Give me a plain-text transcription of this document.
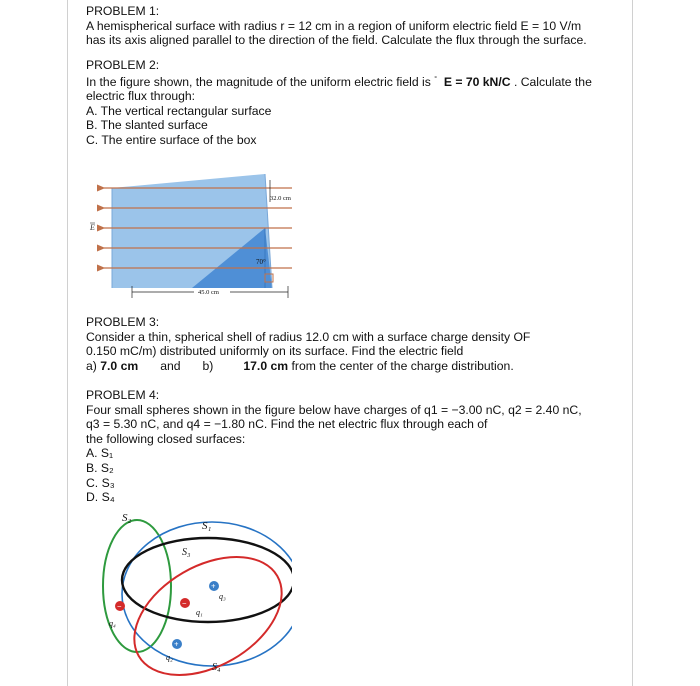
PROBLEM 1:
A hemispherical surface with radius r = 12 cm in a region of uniform electric field E = 10 V/m
has its axis aligned parallel to the direction of the field. Calculate the flux through the surface.
PROBLEM 2:
In the figure shown, the magnitude of the uniform electric field is ° E = 70 kN/C . Calculate the
electric flux through:
A. The vertical rectangular surface
B. The slanted surface
C. The entire surface of the box
70°
E
32.0 cm
45.0 cm
PROBLEM 3:
Consider a thin, spherical shell of radius 12.0 cm with a surface charge density OF
0.150 mC/m) distributed uniformly on its surface. Find the electric field
a) 7.0 cm and b) 17.0 cm from the center of the charge distribution.
PROBLEM 4:
Four small spheres shown in the figure below have charges of q1 = −3.00 nC, q2 = 2.40 nC,
q3 = 5.30 nC, and q4 = −1.80 nC. Find the net electric flux through each of
the following closed surfaces:
A. S₁
B. S₂
C. S₃
D. S₄
S₂
S₁
S₃
S₄
−
q₄
−
q₁
+
q₃
+
q₂
